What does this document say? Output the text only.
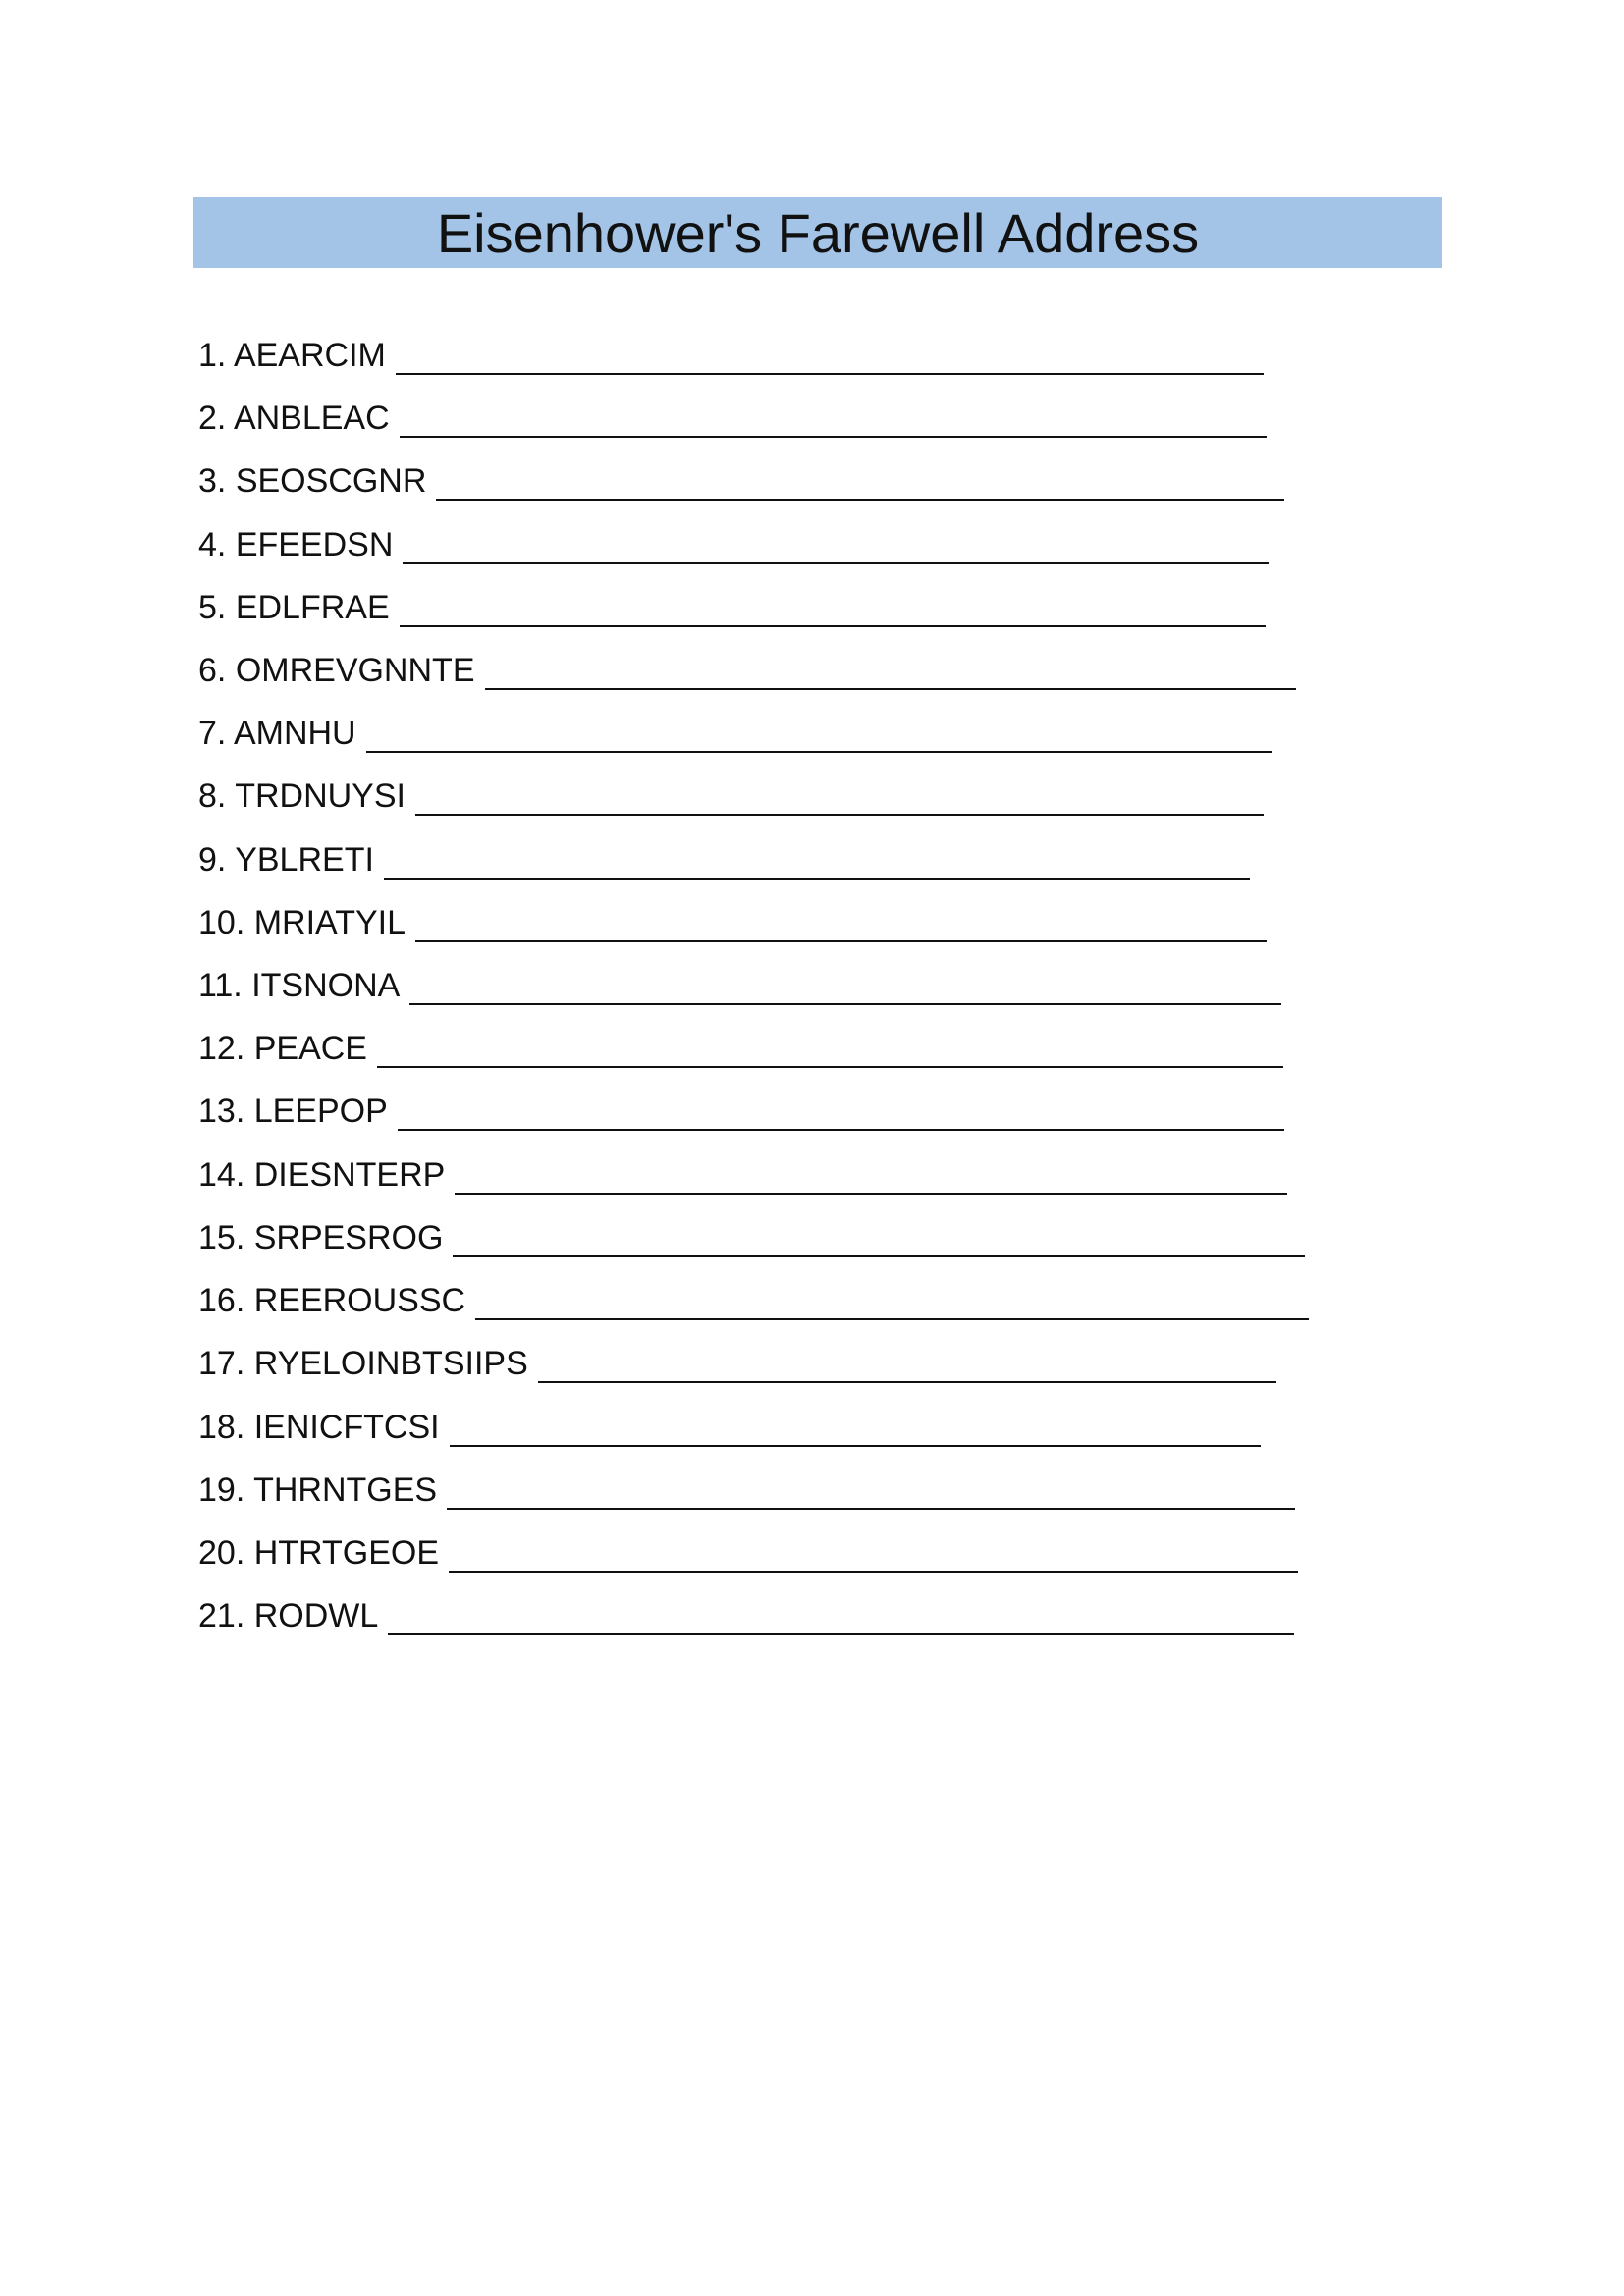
Eisenhower's Farewell Address
1. AEARCIM
2. ANBLEAC
3. SEOSCGNR
4. EFEEDSN
5. EDLFRAE
6. OMREVGNNTE
7. AMNHU
8. TRDNUYSI
9. YBLRETI
10. MRIATYIL
11. ITSNONA
12. PEACE
13. LEEPOP
14. DIESNTERP
15. SRPESROG
16. REEROUSSC
17. RYELOINBTSIIPS
18. IENICFTCSI
19. THRNTGES
20. HTRTGEOE
21. RODWL
